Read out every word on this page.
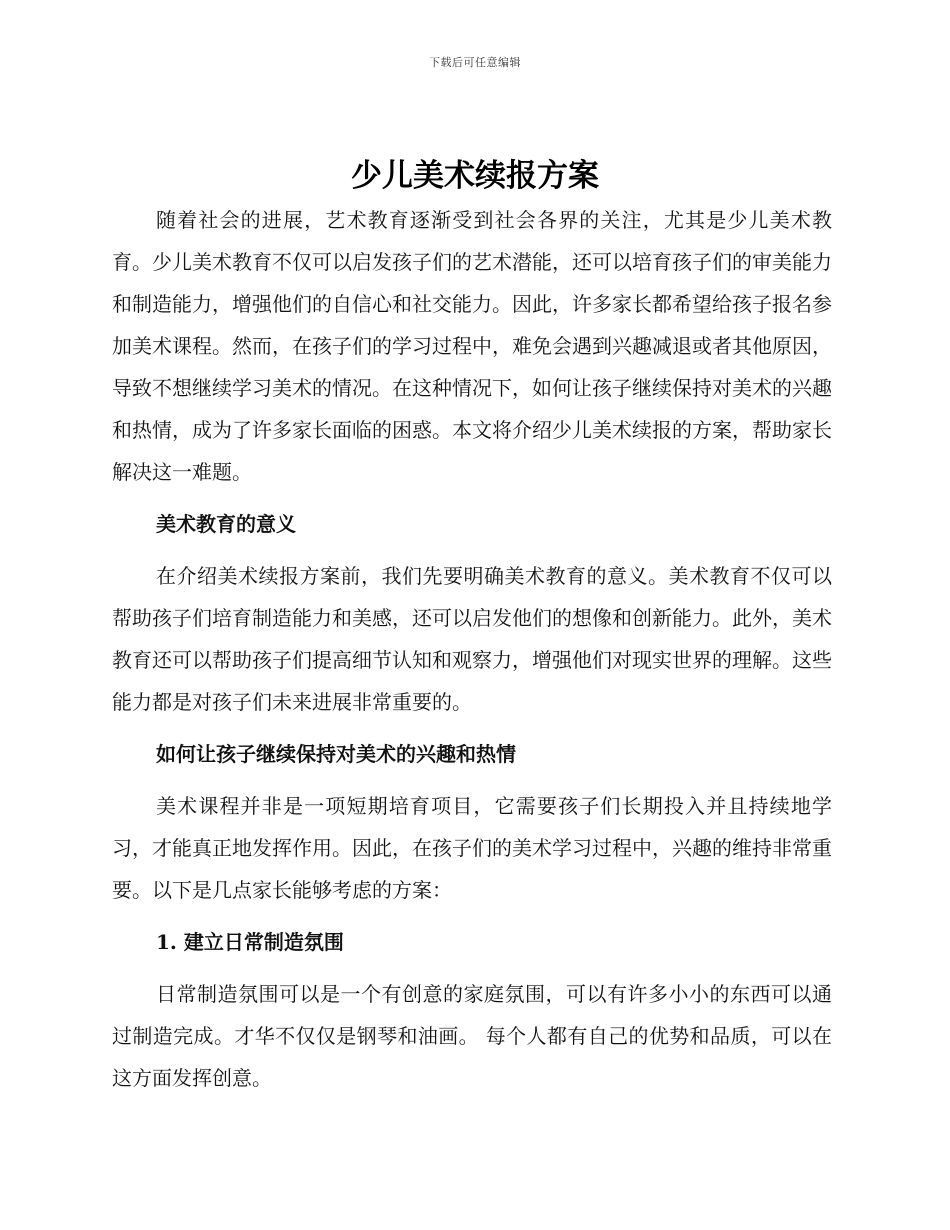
下载后可任意编辑
少儿美术续报方案

随着社会的进展，艺术教育逐渐受到社会各界的关注，尤其是少儿美术教育。少儿美术教育不仅可以启发孩子们的艺术潜能，还可以培育孩子们的审美能力和制造能力，增强他们的自信心和社交能力。因此，许多家长都希望给孩子报名参加美术课程。然而，在孩子们的学习过程中，难免会遇到兴趣减退或者其他原因，导致不想继续学习美术的情况。在这种情况下，如何让孩子继续保持对美术的兴趣和热情，成为了许多家长面临的困惑。本文将介绍少儿美术续报的方案，帮助家长解决这一难题。

美术教育的意义

在介绍美术续报方案前，我们先要明确美术教育的意义。美术教育不仅可以帮助孩子们培育制造能力和美感，还可以启发他们的想像和创新能力。此外，美术教育还可以帮助孩子们提高细节认知和观察力，增强他们对现实世界的理解。这些能力都是对孩子们未来进展非常重要的。

如何让孩子继续保持对美术的兴趣和热情

美术课程并非是一项短期培育项目，它需要孩子们长期投入并且持续地学习，才能真正地发挥作用。因此，在孩子们的美术学习过程中，兴趣的维持非常重要。以下是几点家长能够考虑的方案：

1. 建立日常制造氛围

日常制造氛围可以是一个有创意的家庭氛围，可以有许多小小的东西可以通过制造完成。才华不仅仅是钢琴和油画。 每个人都有自己的优势和品质，可以在这方面发挥创意。
